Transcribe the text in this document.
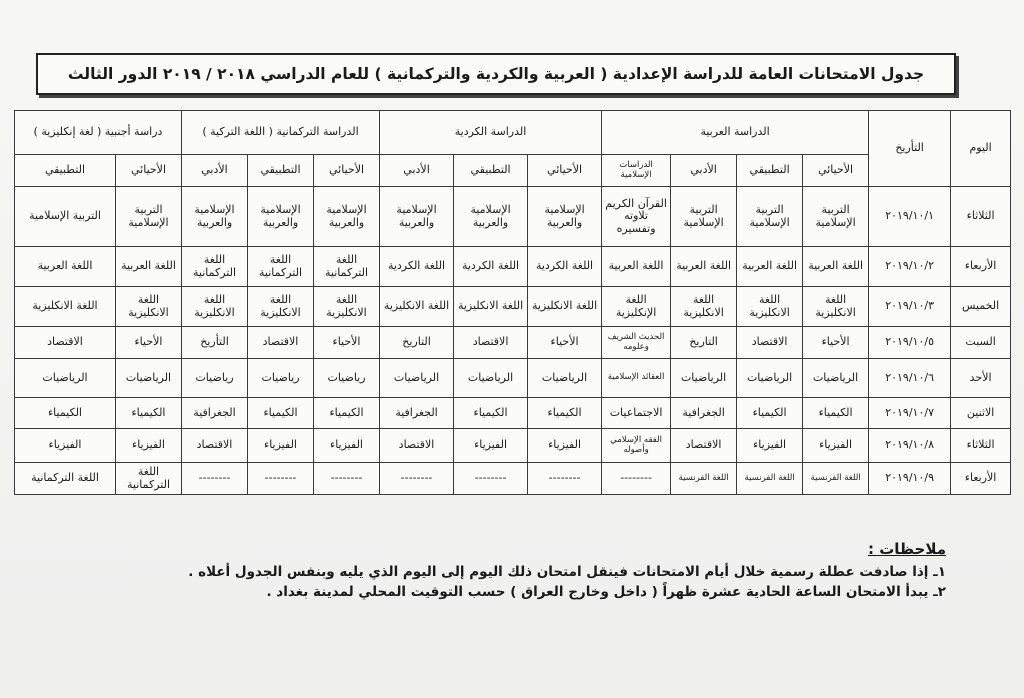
جدول الامتحانات العامة للدراسة الإعدادية ( العربية والكردية والتركمانية ) للعام الدراسي ٢٠١٨ / ٢٠١٩ الدور الثالث
اليوم	التأريخ	الدراسة العربية				الدراسة الكردية			الدراسة التركمانية ( اللغة التركية )			دراسة أجنبية ( لغة إنكليزية )	
		الأحيائي	التطبيقي	الأدبي	الدراسات الإسلامية	الأحيائي	التطبيقي	الأدبي	الأحيائي	التطبيقي	الأدبي	الأحيائي	التطبيقي
الثلاثاء	٢٠١٩/١٠/١	التربية الإسلامية	التربية الإسلامية	التربية الإسلامية	القرآن الكريم تلاوته وتفسيره	الإسلامية والعربية	الإسلامية والعربية	الإسلامية والعربية	الإسلامية والعربية	الإسلامية والعربية	الإسلامية والعربية	التربية الإسلامية	التربية الإسلامية
الأربعاء	٢٠١٩/١٠/٢	اللغة العربية	اللغة العربية	اللغة العربية	اللغة العربية	اللغة الكردية	اللغة الكردية	اللغة الكردية	اللغة التركمانية	اللغة التركمانية	اللغة التركمانية	اللغة العربية	اللغة العربية
الخميس	٢٠١٩/١٠/٣	اللغة الانكليزية	اللغة الانكليزية	اللغة الانكليزية	اللغة الإنكليزية	اللغة الانكليزية	اللغة الانكليزية	اللغة الانكليزية	اللغة الانكليزية	اللغة الانكليزية	اللغة الانكليزية	اللغة الانكليزية	اللغة الانكليزية
السبت	٢٠١٩/١٠/٥	الأحياء	الاقتصاد	التاريخ	الحديث الشريف وعلومه	الأحياء	الاقتصاد	التاريخ	الأحياء	الاقتصاد	التأريخ	الأحياء	الاقتصاد
الأحد	٢٠١٩/١٠/٦	الرياضيات	الرياضيات	الرياضيات	العقائد الإسلامية	الرياضيات	الرياضيات	الرياضيات	رياضيات	رياضيات	رياضيات	الرياضيات	الرياضيات
الاثنين	٢٠١٩/١٠/٧	الكيمياء	الكيمياء	الجغرافية	الاجتماعيات	الكيمياء	الكيمياء	الجغرافية	الكيمياء	الكيمياء	الجغرافية	الكيمياء	الكيمياء
الثلاثاء	٢٠١٩/١٠/٨	الفيزياء	الفيزياء	الاقتصاد	الفقه الإسلامي وأصوله	الفيزياء	الفيزياء	الاقتصاد	الفيزياء	الفيزياء	الاقتصاد	الفيزياء	الفيزياء
الأربعاء	٢٠١٩/١٠/٩	اللغة الفرنسية	اللغة الفرنسية	اللغة الفرنسية	--------	--------	--------	--------	--------	--------	--------	اللغة التركمانية	اللغة التركمانية
ملاحظات :
١ـ إذا صادفت عطلة رسمية خلال أيام الامتحانات فينقل امتحان ذلك اليوم إلى اليوم الذي يليه وبنفس الجدول أعلاه .
٢ـ يبدأ الامتحان الساعة الحادية عشرة ظهراً ( داخل وخارج العراق ) حسب التوقيت المحلي لمدينة بغداد .
